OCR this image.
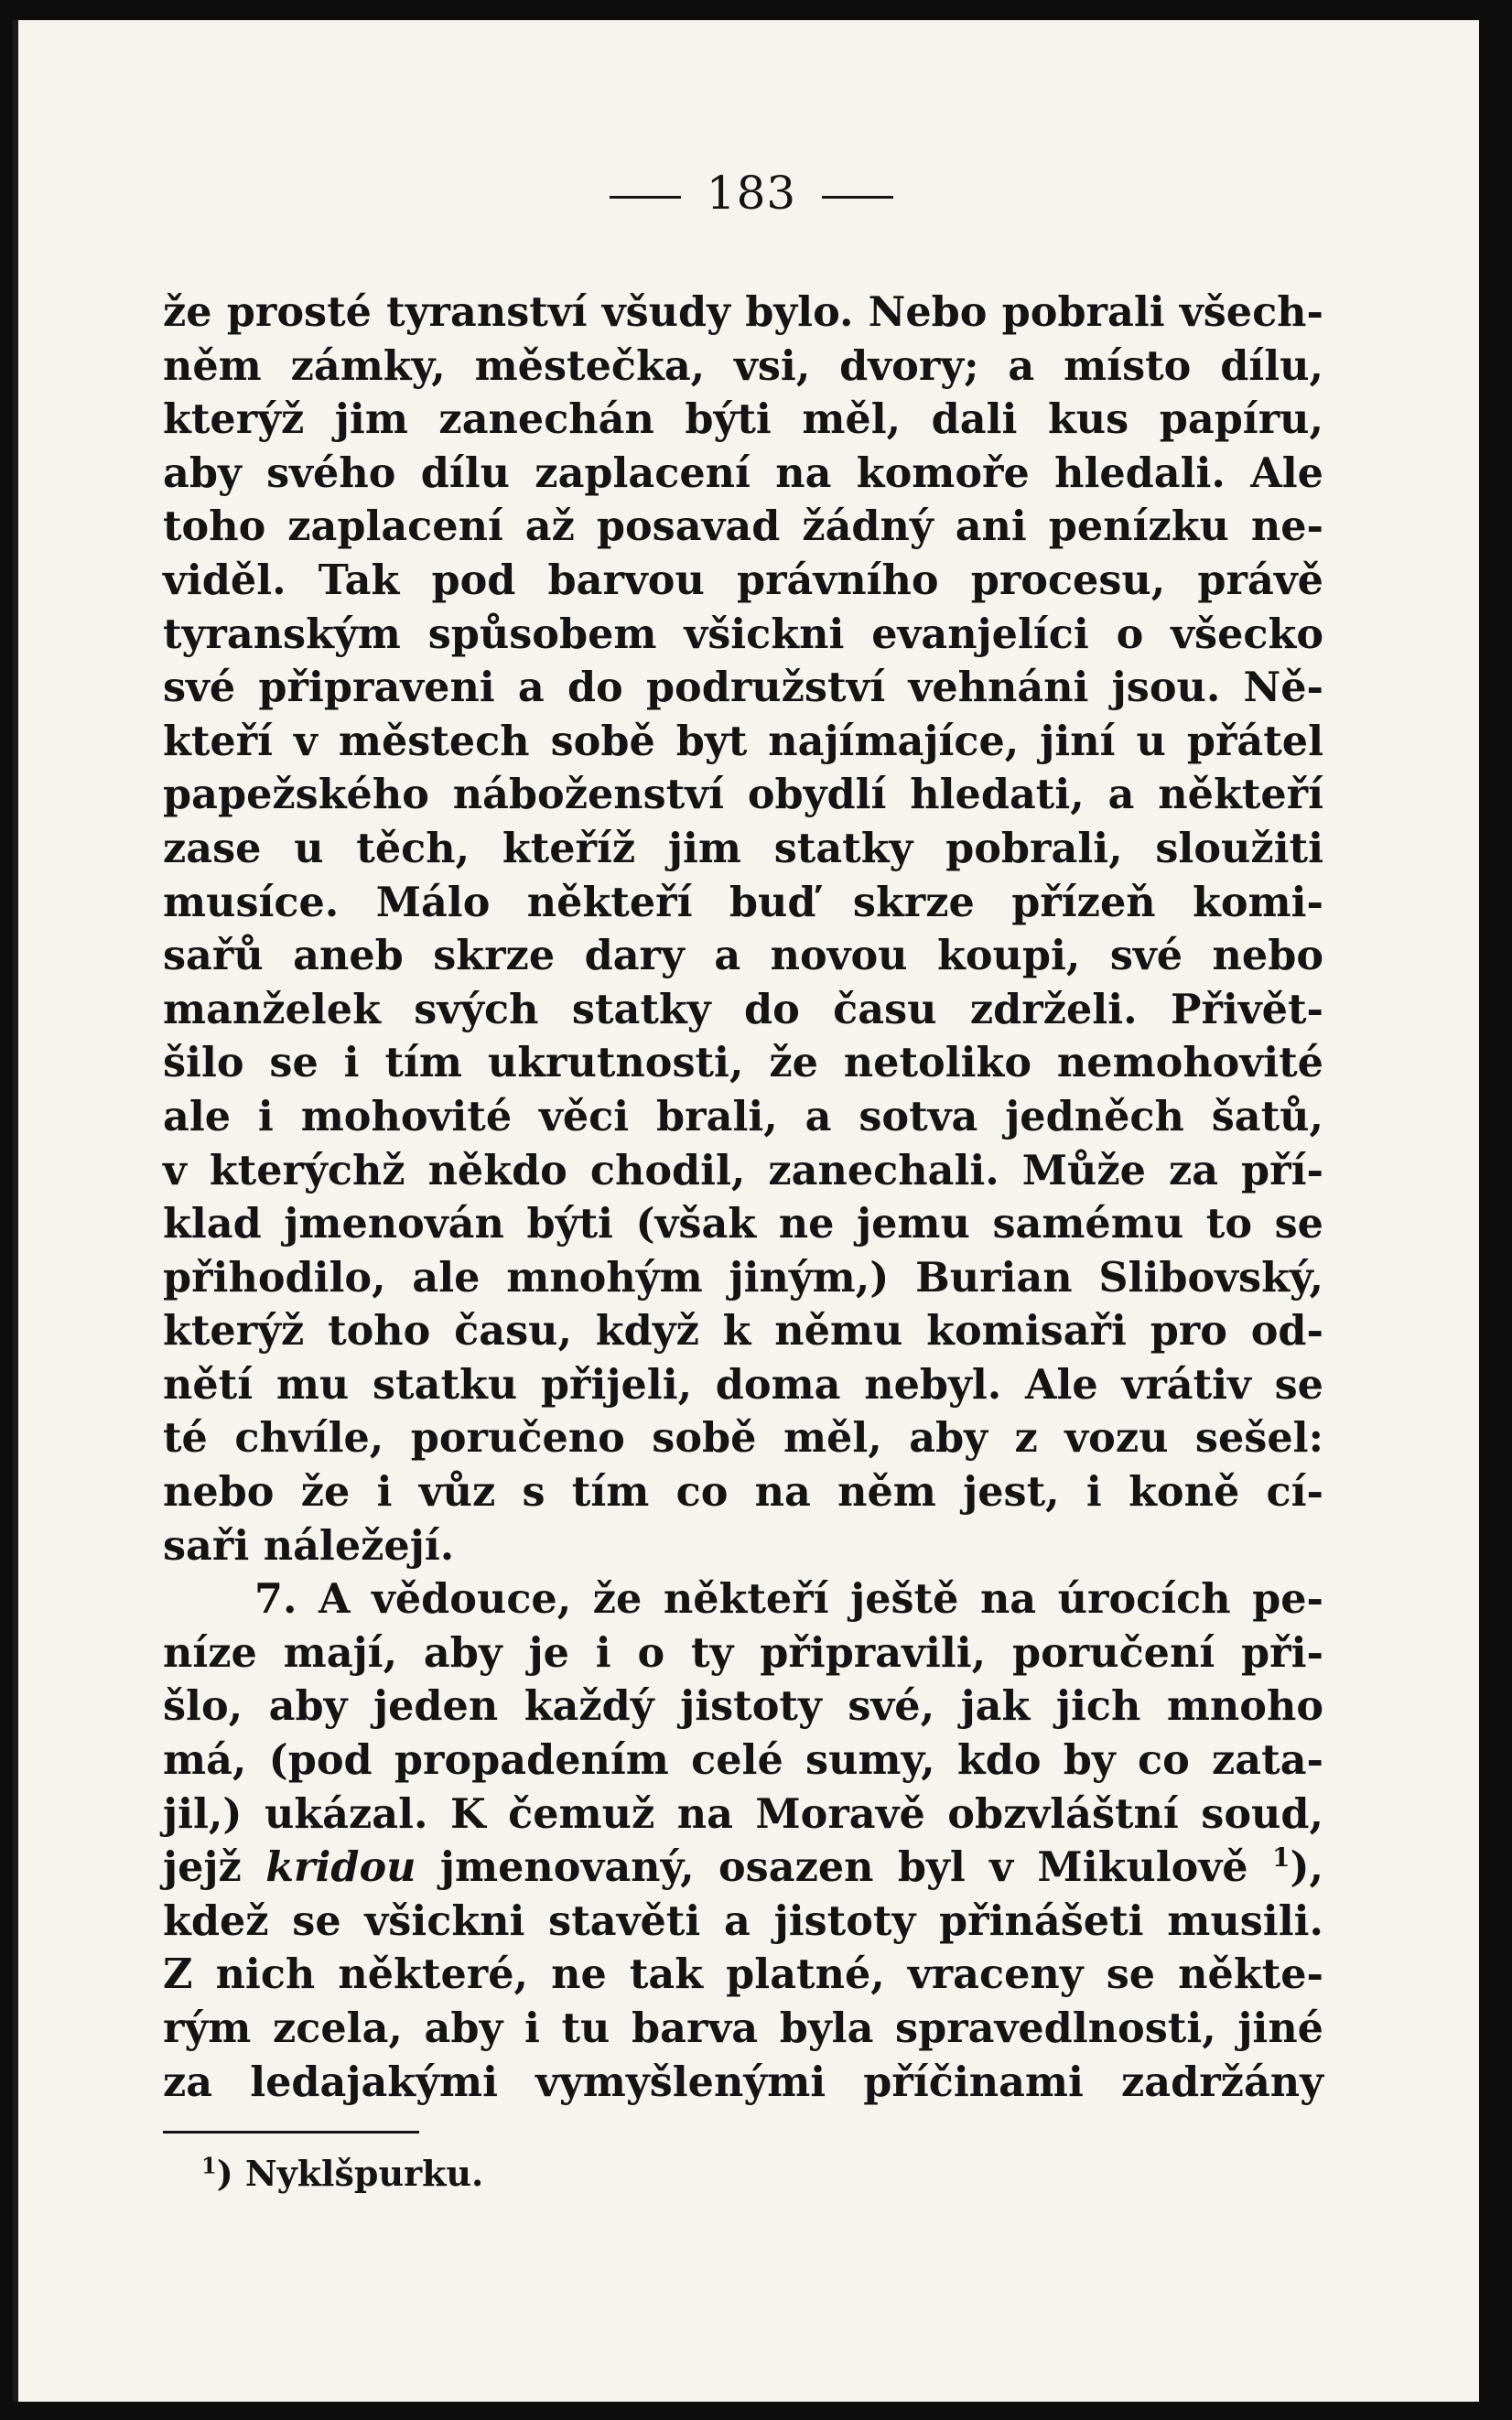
183
že prosté tyranství všudy bylo. Nebo pobrali všech-
něm zámky, městečka, vsi, dvory; a místo dílu,
kterýž jim zanechán býti měl, dali kus papíru,
aby svého dílu zaplacení na komoře hledali. Ale
toho zaplacení až posavad žádný ani penízku ne-
viděl. Tak pod barvou právního procesu, právě
tyranským spůsobem všickni evanjelíci o všecko
své připraveni a do podružství vehnáni jsou. Ně-
kteří v městech sobě byt najímajíce, jiní u přátel
papežského náboženství obydlí hledati, a někteří
zase u těch, kteříž jim statky pobrali, sloužiti
musíce. Málo někteří buď skrze přízeň komi-
sařů aneb skrze dary a novou koupi, své nebo
manželek svých statky do času zdrželi. Přivět-
šilo se i tím ukrutnosti, že netoliko nemohovité
ale i mohovité věci brali, a sotva jedněch šatů,
v kterýchž někdo chodil, zanechali. Může za pří-
klad jmenován býti (však ne jemu samému to se
přihodilo, ale mnohým jiným,) Burian Slibovský,
kterýž toho času, když k němu komisaři pro od-
nětí mu statku přijeli, doma nebyl. Ale vrátiv se
té chvíle, poručeno sobě měl, aby z vozu sešel:
nebo že i vůz s tím co na něm jest, i koně cí-
saři náležejí.
7. A vědouce, že někteří ještě na úrocích pe-
níze mají, aby je i o ty připravili, poručení při-
šlo, aby jeden každý jistoty své, jak jich mnoho
má, (pod propadením celé sumy, kdo by co zata-
jil,) ukázal. K čemuž na Moravě obzvláštní soud,
jejž kridou jmenovaný, osazen byl v Mikulově $^1$),
kdež se všickni stavěti a jistoty přinášeti musili.
Z nich některé, ne tak platné, vraceny se někte-
rým zcela, aby i tu barva byla spravedlnosti, jiné
za ledajakými vymyšlenými příčinami zadržány
$^1$) Nyklšpurku.
